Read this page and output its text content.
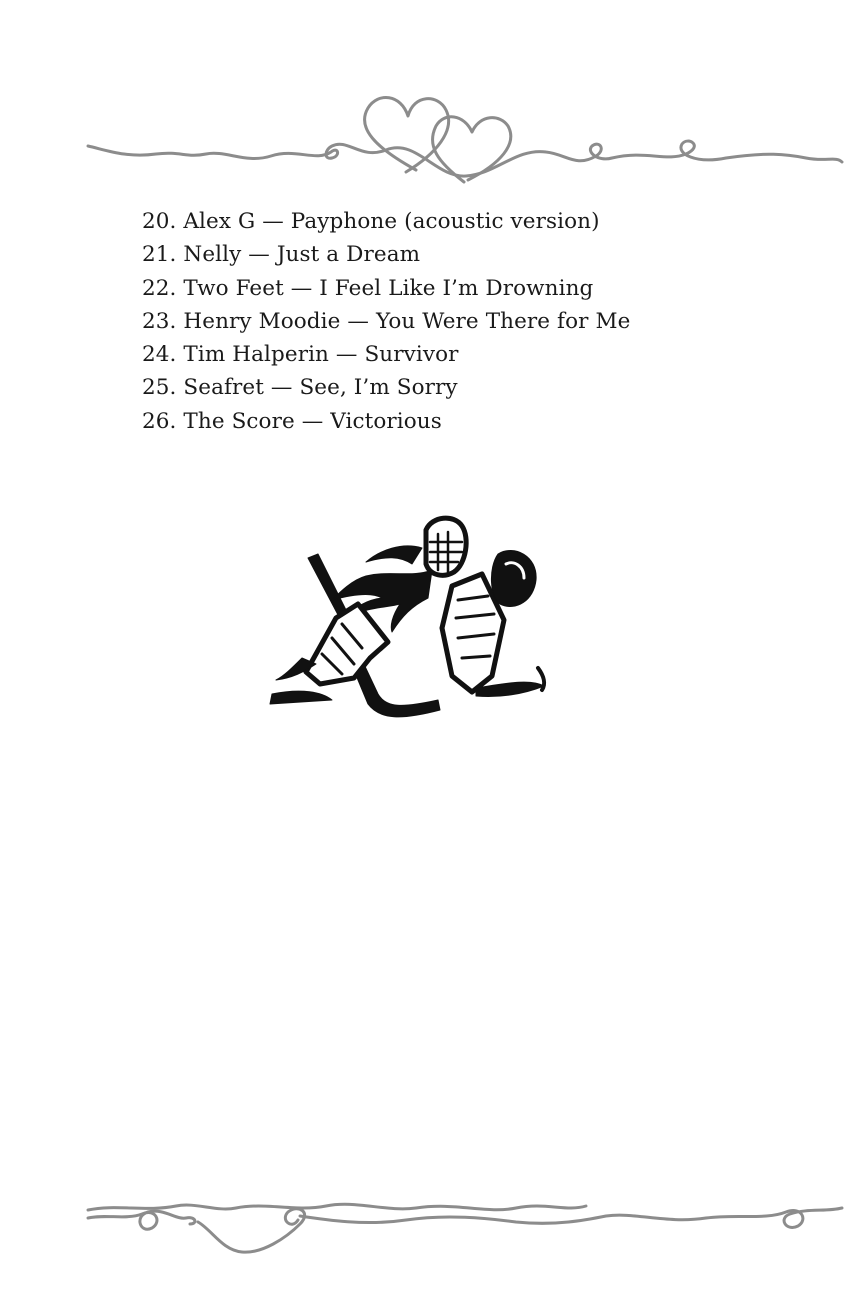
20. Alex G — Payphone (acoustic version)
21. Nelly — Just a Dream
22. Two Feet — I Feel Like I’m Drowning
23. Henry Moodie — You Were There for Me
24. Tim Halperin — Survivor
25. Seafret — See, I’m Sorry
26. The Score — Victorious
